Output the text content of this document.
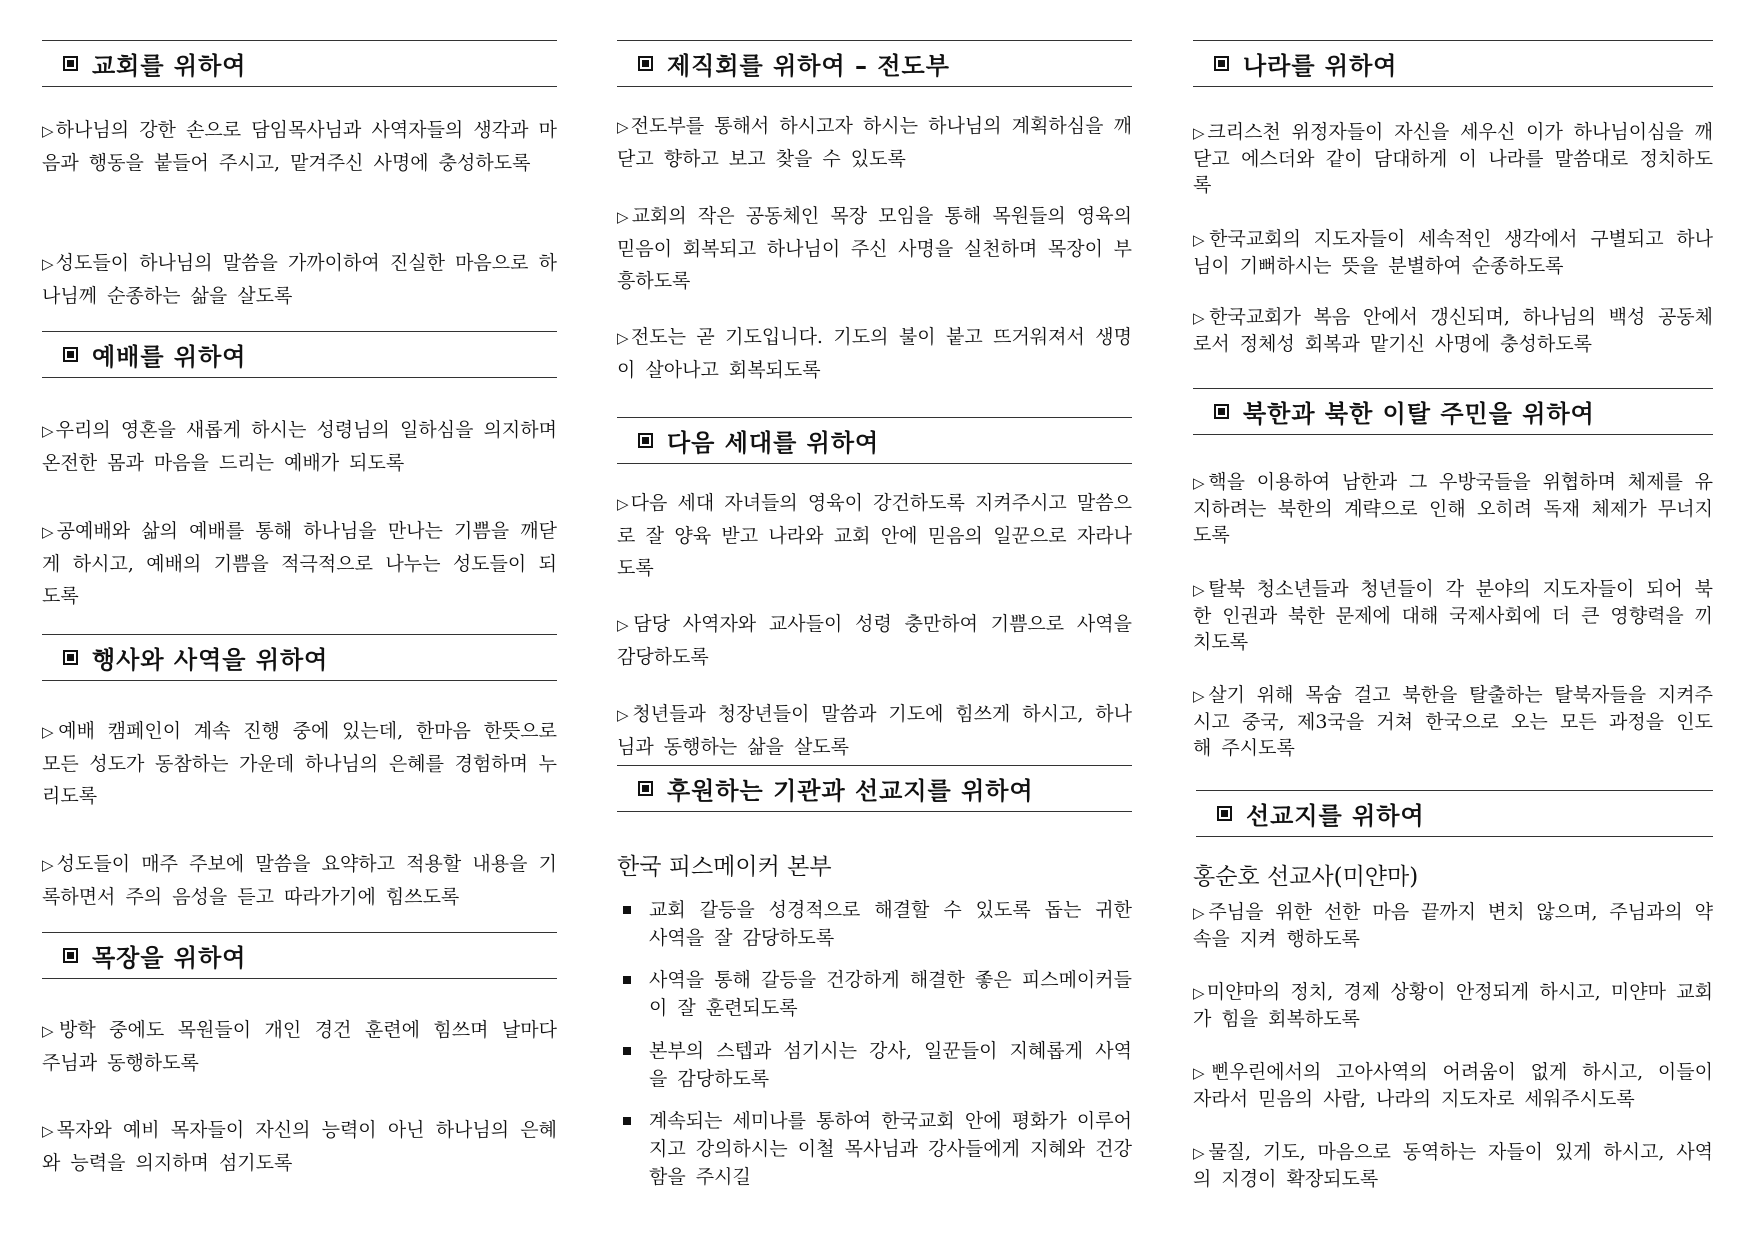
교회를 위하여
▷ 하나님의 강한 손으로 담임목사님과 사역자들의 생각과 마음과 행동을 붙들어 주시고, 맡겨주신 사명에 충성하도록
▷ 성도들이 하나님의 말씀을 가까이하여 진실한 마음으로 하나님께 순종하는 삶을 살도록
예배를 위하여
▷ 우리의 영혼을 새롭게 하시는 성령님의 일하심을 의지하며 온전한 몸과 마음을 드리는 예배가 되도록
▷ 공예배와 삶의 예배를 통해 하나님을 만나는 기쁨을 깨닫게 하시고, 예배의 기쁨을 적극적으로 나누는 성도들이 되도록
행사와 사역을 위하여
▷ 예배 캠페인이 계속 진행 중에 있는데, 한마음 한뜻으로 모든 성도가 동참하는 가운데 하나님의 은혜를 경험하며 누리도록
▷ 성도들이 매주 주보에 말씀을 요약하고 적용할 내용을 기록하면서 주의 음성을 듣고 따라가기에 힘쓰도록
목장을 위하여
▷ 방학 중에도 목원들이 개인 경건 훈련에 힘쓰며 날마다 주님과 동행하도록
▷ 목자와 예비 목자들이 자신의 능력이 아닌 하나님의 은혜와 능력을 의지하며 섬기도록
제직회를 위하여 – 전도부
▷ 전도부를 통해서 하시고자 하시는 하나님의 계획하심을 깨닫고 향하고 보고 찾을 수 있도록
▷ 교회의 작은 공동체인 목장 모임을 통해 목원들의 영육의 믿음이 회복되고 하나님이 주신 사명을 실천하며 목장이 부흥하도록
▷ 전도는 곧 기도입니다. 기도의 불이 붙고 뜨거워져서 생명이 살아나고 회복되도록
다음 세대를 위하여
▷ 다음 세대 자녀들의 영육이 강건하도록 지켜주시고 말씀으로 잘 양육 받고 나라와 교회 안에 믿음의 일꾼으로 자라나도록
▷ 담당 사역자와 교사들이 성령 충만하여 기쁨으로 사역을 감당하도록
▷ 청년들과 청장년들이 말씀과 기도에 힘쓰게 하시고, 하나님과 동행하는 삶을 살도록
후원하는 기관과 선교지를 위하여
한국 피스메이커 본부
교회 갈등을 성경적으로 해결할 수 있도록 돕는 귀한 사역을 잘 감당하도록
사역을 통해 갈등을 건강하게 해결한 좋은 피스메이커들이 잘 훈련되도록
본부의 스텝과 섬기시는 강사, 일꾼들이 지혜롭게 사역을 감당하도록
계속되는 세미나를 통하여 한국교회 안에 평화가 이루어지고 강의하시는 이철 목사님과 강사들에게 지혜와 건강함을 주시길
나라를 위하여
▷ 크리스천 위정자들이 자신을 세우신 이가 하나님이심을 깨닫고 에스더와 같이 담대하게 이 나라를 말씀대로 정치하도록
▷ 한국교회의 지도자들이 세속적인 생각에서 구별되고 하나님이 기뻐하시는 뜻을 분별하여 순종하도록
▷ 한국교회가 복음 안에서 갱신되며, 하나님의 백성 공동체로서 정체성 회복과 맡기신 사명에 충성하도록
북한과 북한 이탈 주민을 위하여
▷ 핵을 이용하여 남한과 그 우방국들을 위협하며 체제를 유지하려는 북한의 계략으로 인해 오히려 독재 체제가 무너지도록
▷ 탈북 청소년들과 청년들이 각 분야의 지도자들이 되어 북한 인권과 북한 문제에 대해 국제사회에 더 큰 영향력을 끼치도록
▷ 살기 위해 목숨 걸고 북한을 탈출하는 탈북자들을 지켜주시고 중국, 제3국을 거쳐 한국으로 오는 모든 과정을 인도해 주시도록
선교지를 위하여
홍순호 선교사(미얀마)
▷ 주님을 위한 선한 마음 끝까지 변치 않으며, 주님과의 약속을 지켜 행하도록
▷ 미얀마의 정치, 경제 상황이 안정되게 하시고, 미얀마 교회가 힘을 회복하도록
▷ 삔우린에서의 고아사역의 어려움이 없게 하시고, 이들이 자라서 믿음의 사람, 나라의 지도자로 세워주시도록
▷ 물질, 기도, 마음으로 동역하는 자들이 있게 하시고, 사역의 지경이 확장되도록
